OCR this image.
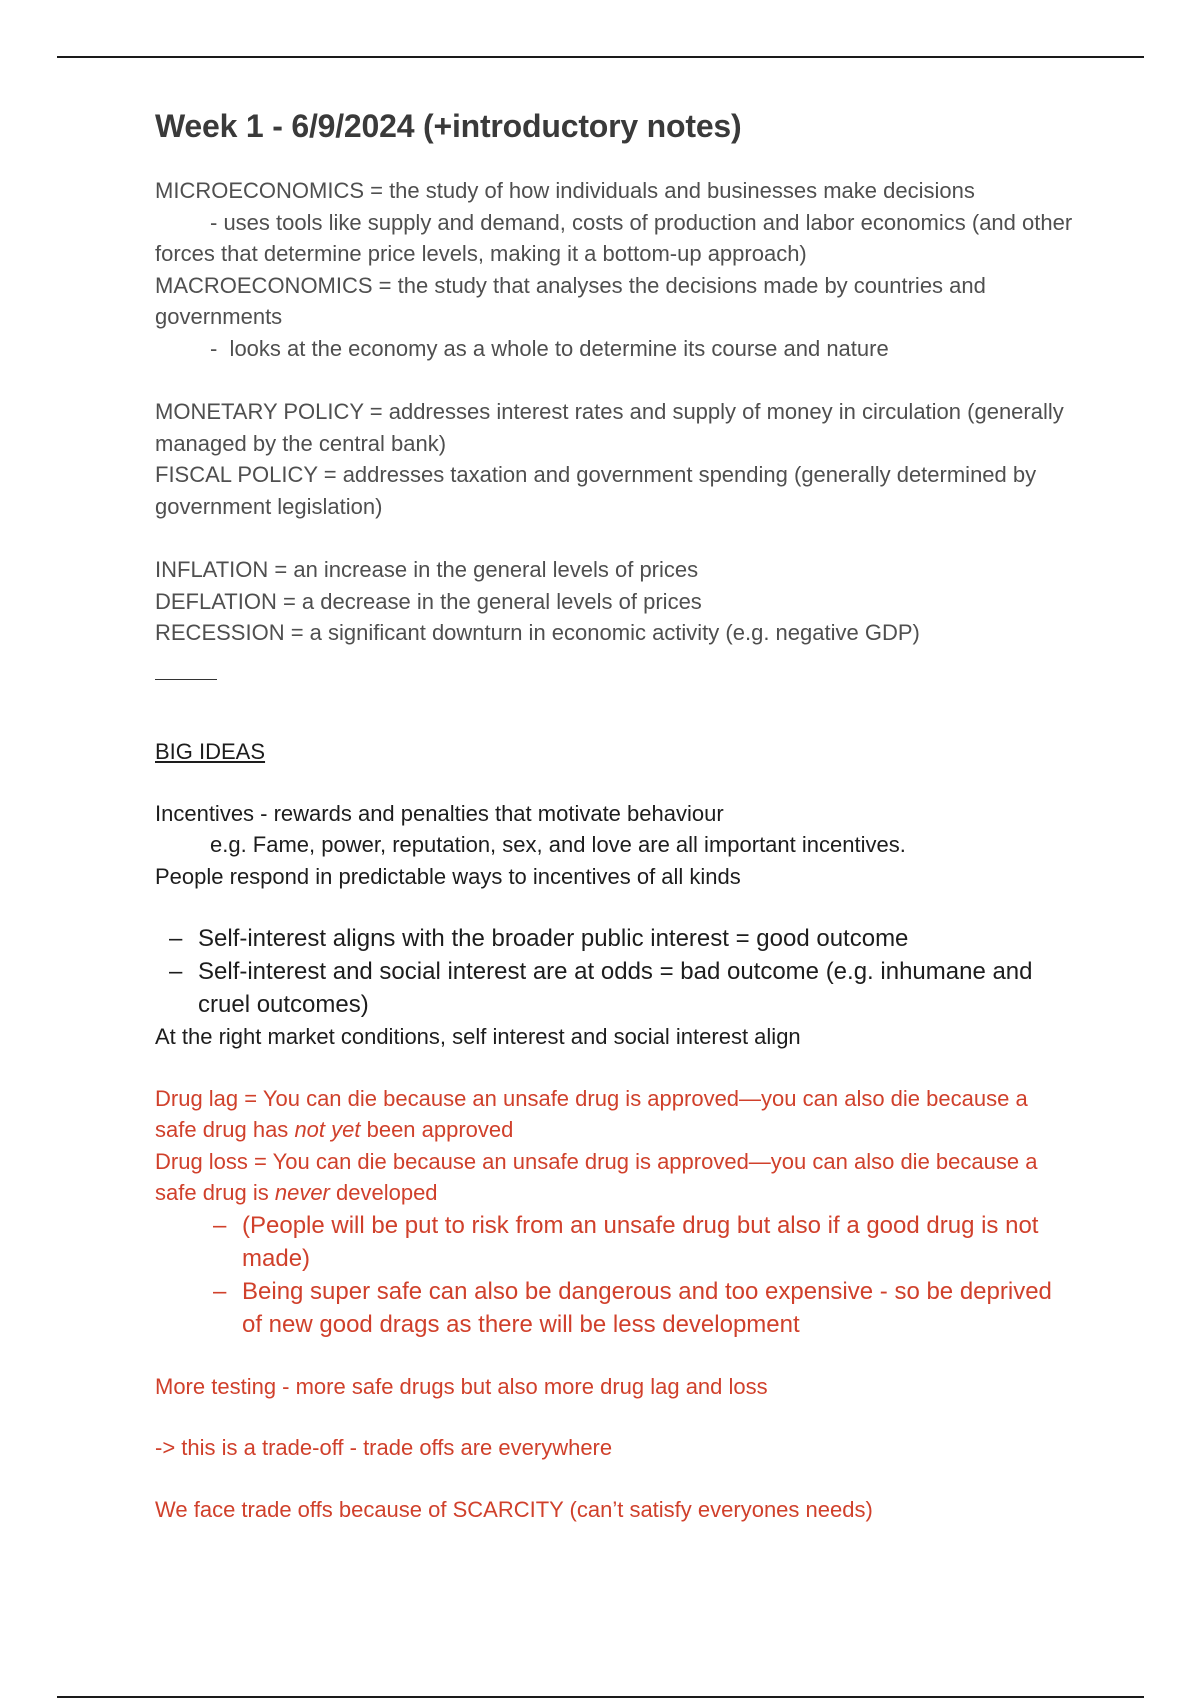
Week 1 - 6/9/2024 (+introductory notes)
MICROECONOMICS = the study of how individuals and businesses make decisions
- uses tools like supply and demand, costs of production and labor economics (and other forces that determine price levels, making it a bottom-up approach)
MACROECONOMICS = the study that analyses the decisions made by countries and governments
-  looks at the economy as a whole to determine its course and nature
MONETARY POLICY = addresses interest rates and supply of money in circulation (generally managed by the central bank)
FISCAL POLICY = addresses taxation and government spending (generally determined by government legislation)
INFLATION = an increase in the general levels of prices
DEFLATION = a decrease in the general levels of prices
RECESSION = a significant downturn in economic activity (e.g. negative GDP)
BIG IDEAS
Incentives - rewards and penalties that motivate behaviour
e.g. Fame, power, reputation, sex, and love are all important incentives.
People respond in predictable ways to incentives of all kinds
– Self-interest aligns with the broader public interest = good outcome
– Self-interest and social interest are at odds = bad outcome (e.g. inhumane and cruel outcomes)
At the right market conditions, self interest and social interest align
Drug lag = You can die because an unsafe drug is approved—you can also die because a safe drug has not yet been approved
Drug loss = You can die because an unsafe drug is approved—you can also die because a safe drug is never developed
– (People will be put to risk from an unsafe drug but also if a good drug is not made)
– Being super safe can also be dangerous and too expensive - so be deprived of new good drags as there will be less development
More testing - more safe drugs but also more drug lag and loss
-> this is a trade-off - trade offs are everywhere
We face trade offs because of SCARCITY (can’t satisfy everyones needs)
